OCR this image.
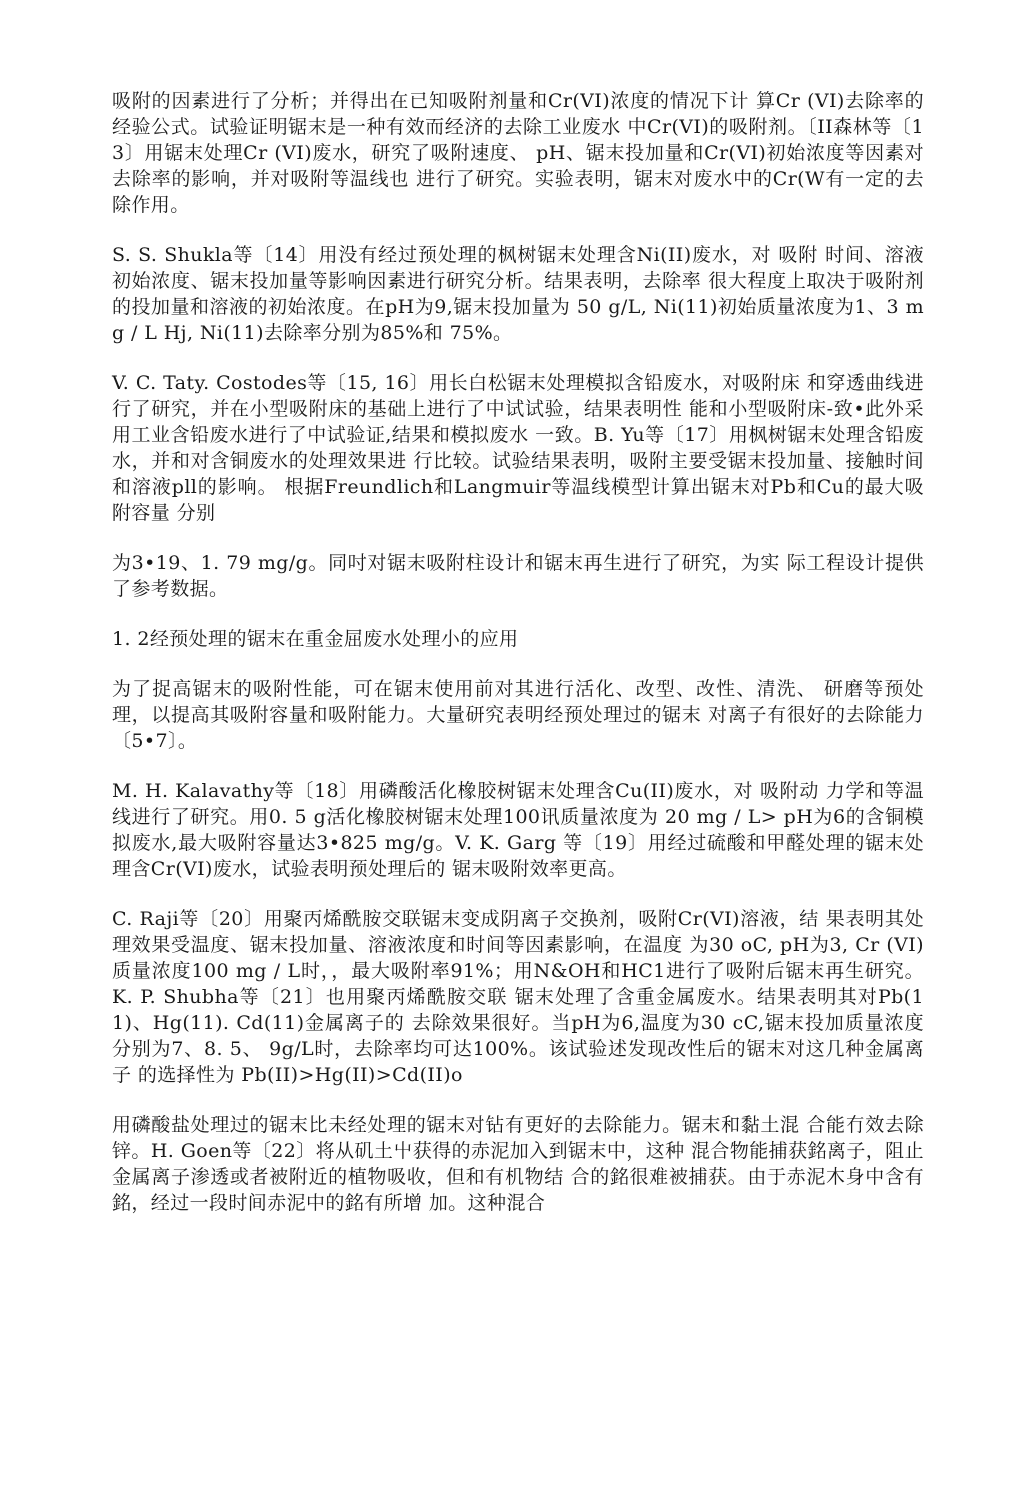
吸附的因素进行了分析；并得出在已知吸附剂量和Cr(VI)浓度的情况下计 算Cr (VI)去除率的经验公式。试验证明锯末是一种有效而经济的去除工业废水 中Cr(VI)的吸附剂。〔II森林等〔13〕用锯末处理Cr (VI)废水，研究了吸附速度、 pH、锯末投加量和Cr(VI)初始浓度等因素对去除率的影响，并对吸附等温线也 进行了研究。实验表明，锯末对废水中的Cr(W有一定的去除作用。

S. S. Shukla等〔14〕用没有经过预处理的枫树锯末处理含Ni(II)废水，对 吸附 时间、溶液初始浓度、锯末投加量等影响因素进行研究分析。结果表明，去除率 很大程度上取决于吸附剂的投加量和溶液的初始浓度。在pH为9,锯末投加量为 50 g/L, Ni(11)初始质量浓度为1、3 mg / L Hj, Ni(11)去除率分别为85%和 75%。

V. C. Taty. Costodes等〔15, 16〕用长白松锯末处理模拟含铅废水，对吸附床 和穿透曲线进行了研究，并在小型吸附床的基础上进行了中试试验，结果表明性 能和小型吸附床-致•此外采用工业含铅废水进行了中试验证,结果和模拟废水 一致。B. Yu等〔17〕用枫树锯末处理含铅废水，并和对含铜废水的处理效果进 行比较。试验结果表明，吸附主要受锯末投加量、接触时间和溶液pll的影响。 根据Freundlich和Langmuir等温线模型计算出锯末对Pb和Cu的最大吸附容量 分别

为3•19、1. 79 mg/g。同吋对锯末吸附柱设计和锯末再生进行了研究，为实 际工程设计提供了参考数据。

1. 2经预处理的锯末在重金屈废水处理小的应用

为了捉高锯末的吸附性能，可在锯末使用前对其进行活化、改型、改性、清洗、 研磨等预处理，以提高其吸附容量和吸附能力。大量研究表明经预处理过的锯末 对离子有很好的去除能力〔5•7〕。

M. H. Kalavathy等〔18〕用磷酸活化橡胶树锯末处理含Cu(II)废水，对 吸附动 力学和等温线进行了研究。用0. 5 g活化橡胶树锯末处理100讯质量浓度为 20 mg / L> pH为6的含铜模拟废水,最大吸附容量达3•825 mg/g。V. K. Garg 等〔19〕用经过硫酸和甲醛处理的锯末处理含Cr(VI)废水，试验表明预处理后的 锯末吸附效率更高。

C. Raji等〔20〕用聚丙烯酰胺交联锯末变成阴离子交换剂，吸附Cr(VI)溶液，结 果表明其处理效果受温度、锯末投加量、溶液浓度和时间等因素影响，在温度 为30 oC, pH为3, Cr (VI)质量浓度100 mg / L时，，最大吸附率91%；用N&OH和HC1进行了吸附后锯末再生研究。K. P. Shubha等〔21〕也用聚丙烯酰胺交联 锯末处理了含重金属废水。结果表明其对Pb(11)、Hg(11). Cd(11)金属离子的 去除效果很好。当pH为6,温度为30 cC,锯末投加质量浓度分别为7、8. 5、 9g/L时，去除率均可达100%。该试验述发现改性后的锯末对这几种金属离子 的选择性为 Pb(II)>Hg(II)>Cd(II)o

用磷酸盐处理过的锯末比未经处理的锯末对钻有更好的去除能力。锯末和黏土混 合能冇效去除锌。H. Goen等〔22〕将从矶土屮获得的赤泥加入到锯末中，这种 混合物能捕获銘离子，阻止金属离子渗透或者被附近的植物吸收，但和有机物结 合的銘很难被捕获。由于赤泥木身中含有銘，经过一段时间赤泥中的銘有所增 加。这种混合
